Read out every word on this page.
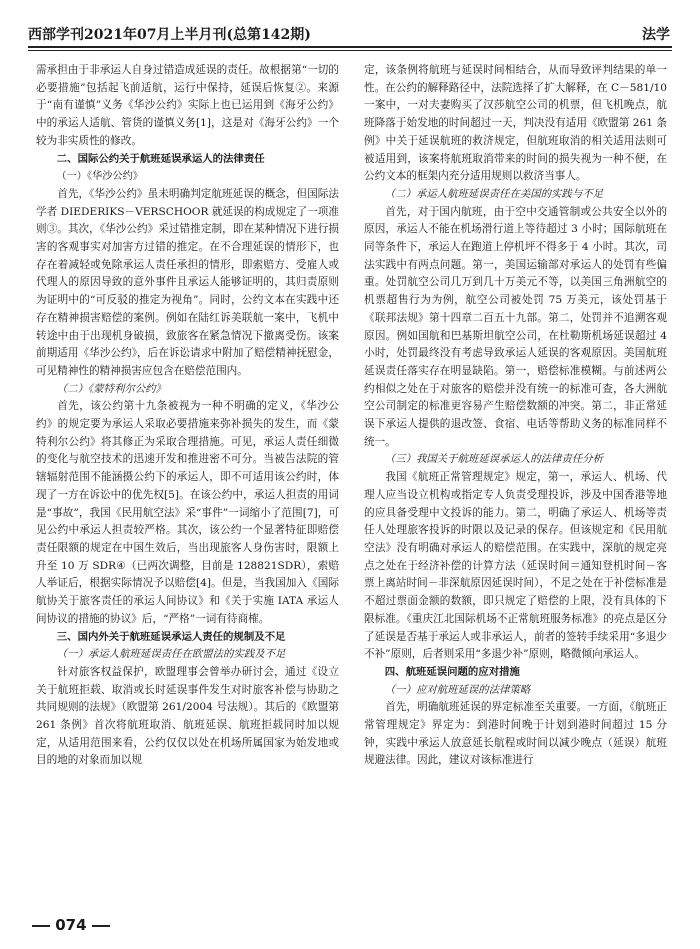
西部学刊2021年07月上半月刊(总第142期)	法学

需承担由于非承运人自身过错造成延误的责任。故根据第“一切的必要措施”包括起飞前适航，运行中保持，延误后恢复②。来源于“南有谨慎”义务《华沙公约》实际上也已运用到《海牙公约》中的承运人适航、管货的谨慎义务[1]，这是对《海牙公约》一个较为非实质性的修改。

二、国际公约关于航班延误承运人的法律责任

（一）《华沙公约》

首先，《华沙公约》虽未明确判定航班延误的概念，但国际法学者 DIEDERIKS－VERSCHOOR 就延误的构成规定了一项准则③。其次，《华沙公约》采过错推定制，即在某种情况下进行损害的客观事实对加害方过错的推定。在不合理延误的情形下，也存在着减轻或免除承运人责任承担的情形，即索赔方、受雇人或代理人的原因导致的意外事件且承运人能够证明的，其归责原则为证明中的“可反驳的推定为视角”。同时，公约文本在实践中还存在精神损害赔偿的案例。例如在陆红诉美联航一案中，飞机中转途中由于出现机身破损，致旅客在紧急情况下撤离受伤。该案前期适用《华沙公约》，后在诉讼请求中附加了赔偿精神抚慰金，可见精神性的精神损害应包含在赔偿范围内。

（二）《蒙特利尔公约》

首先，该公约第十九条被视为一种不明确的定义，《华沙公约》的规定要为承运人采取必要措施来弥补损失的发生，而《蒙特利尔公约》将其修正为采取合理措施。可见，承运人责任细微的变化与航空技术的迅速开发和推进密不可分。当被告法院的管辖辐射范围不能涵摄公约下的承运人，即不可适用该公约时，体现了一方在诉讼中的优先权[5]。在该公约中，承运人担责的用词是“事故”，我国《民用航空法》采“事件”一词缩小了范围[7]，可见公约中承运人担责较严格。其次，该公约一个显著特征即赔偿责任限额的规定在中国生效后，当出现旅客人身伤害时，限额上升至 10 万 SDR④（已两次调整，目前是 128821SDR），索赔人举证后，根据实际情况予以赔偿[4]。但是，当我国加入《国际航协关于旅客责任的承运人间协议》和《关于实施 IATA 承运人间协议的措施的协议》后，“严格”一词有待商榷。

三、国内外关于航班延误承运人责任的规制及不足

（一）承运人航班延误责任在欧盟法的实践及不足

针对旅客权益保护，欧盟理事会曾举办研讨会，通过《设立关于航班拒载、取消或长时延误事件发生对时旅客补偿与协助之共同规则的法规》（欧盟第 261/2004 号法规）。其后的《欧盟第 261 条例》首次将航班取消、航班延误、航班拒载同时加以规定，从适用范围来看，公约仅仅以处在机场所属国家为始发地或目的地的对象而加以规

定，该条例将航班与延误时间相结合，从而导致评判结果的单一性。在公约的解释路径中，法院选择了扩大解释，在 C－581/10 一案中，一对夫妻购买了汉莎航空公司的机票，但飞机晚点，航班降落于始发地的时间超过一天，判决没有适用《欧盟第 261 条例》中关于延误航班的救济规定，但航班取消的相关适用法则可被适用到，该案将航班取消带来的时间的损失视为一种不便，在公约文本的框架内充分适用规则以救济当事人。

（二）承运人航班延误责任在美国的实践与不足

首先，对于国内航班，由于空中交通管制或公共安全以外的原因，承运人不能在机场滑行道上等待超过 3 小时；国际航班在同等条件下，承运人在跑道上停机坪不得多于 4 小时。其次，司法实践中有两点问题。第一，美国运输部对承运人的处罚有些偏重。处罚航空公司几万到几十万美元不等，以美国三角洲航空的机票超售行为为例，航空公司被处罚 75 万美元，该处罚基于《联邦法规》第十四章二百五十九部。第二，处罚并不追溯客观原因。例如国航和巴基斯坦航空公司，在杜勒斯机场延误超过 4 小时，处罚最终没有考虑导致承运人延误的客观原因。美国航班延误责任落实存在明显缺陷。第一，赔偿标准模糊。与前述两公约相似之处在于对旅客的赔偿并没有统一的标准可查，各大洲航空公司制定的标准更容易产生赔偿数额的冲突。第二，非正常延误下承运人提供的退改签、食宿、电话等帮助义务的标准同样不统一。

（三）我国关于航班延误承运人的法律责任分析

我国《航班正常管理规定》规定，第一，承运人、机场、代理人应当设立机构或指定专人负责受理投诉，涉及中国香港等地的应具备受理中文投诉的能力。第二，明确了承运人、机场等责任人处理旅客投诉的时限以及记录的保存。但该规定和《民用航空法》没有明确对承运人的赔偿范围。在实践中，深航的规定亮点之处在于经济补偿的计算方法（延误时间＝通知登机时间－客票上离站时间－非深航原因延误时间），不足之处在于补偿标准是不超过票面金额的数额，即只规定了赔偿的上限，没有具体的下限标准。《重庆江北国际机场不正常航班服务标准》的亮点是区分了延误是否基于承运人或非承运人，前者的签转手续采用“多退少不补”原则，后者则采用“多退少补”原则，略微倾向承运人。

四、航班延误问题的应对措施

（一）应对航班延误的法律策略

首先，明确航班延误的界定标准至关重要。一方面，《航班正常管理规定》界定为：到港时间晚于计划到港时间超过 15 分钟，实践中承运人放意延长航程或时间以减少晚点（延误）航班规避法律。因此，建议对该标准进行

074
